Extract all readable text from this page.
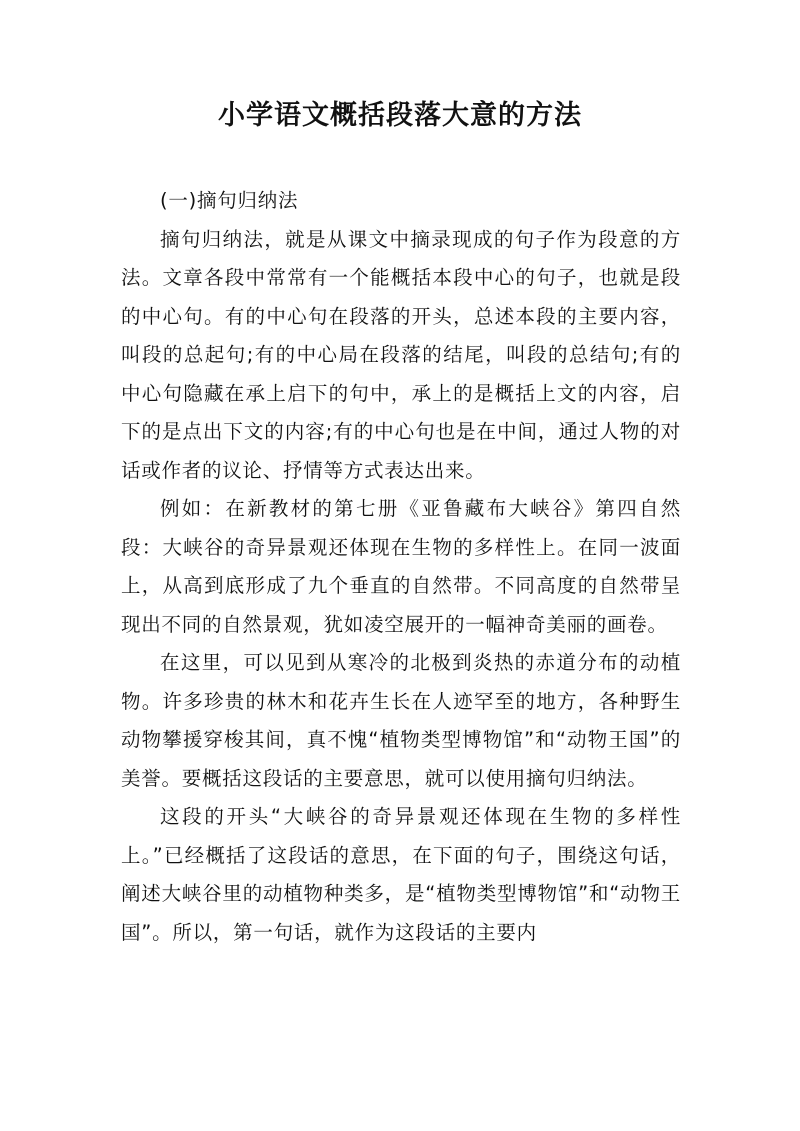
小学语文概括段落大意的方法

(一)摘句归纳法

摘句归纳法，就是从课文中摘录现成的句子作为段意的方法。文章各段中常常有一个能概括本段中心的句子，也就是段的中心句。有的中心句在段落的开头，总述本段的主要内容，叫段的总起句;有的中心局在段落的结尾，叫段的总结句;有的中心句隐藏在承上启下的句中，承上的是概括上文的内容，启下的是点出下文的内容;有的中心句也是在中间，通过人物的对话或作者的议论、抒情等方式表达出来。

例如：在新教材的第七册《亚鲁藏布大峡谷》第四自然段：大峡谷的奇异景观还体现在生物的多样性上。在同一波面上，从高到底形成了九个垂直的自然带。不同高度的自然带呈现出不同的自然景观，犹如凌空展开的一幅神奇美丽的画卷。

在这里，可以见到从寒冷的北极到炎热的赤道分布的动植物。许多珍贵的林木和花卉生长在人迹罕至的地方，各种野生动物攀援穿梭其间，真不愧“植物类型博物馆”和“动物王国”的美誉。要概括这段话的主要意思，就可以使用摘句归纳法。

这段的开头“大峡谷的奇异景观还体现在生物的多样性上。”已经概括了这段话的意思，在下面的句子，围绕这句话，阐述大峡谷里的动植物种类多，是“植物类型博物馆”和“动物王国”。所以，第一句话，就作为这段话的主要内
